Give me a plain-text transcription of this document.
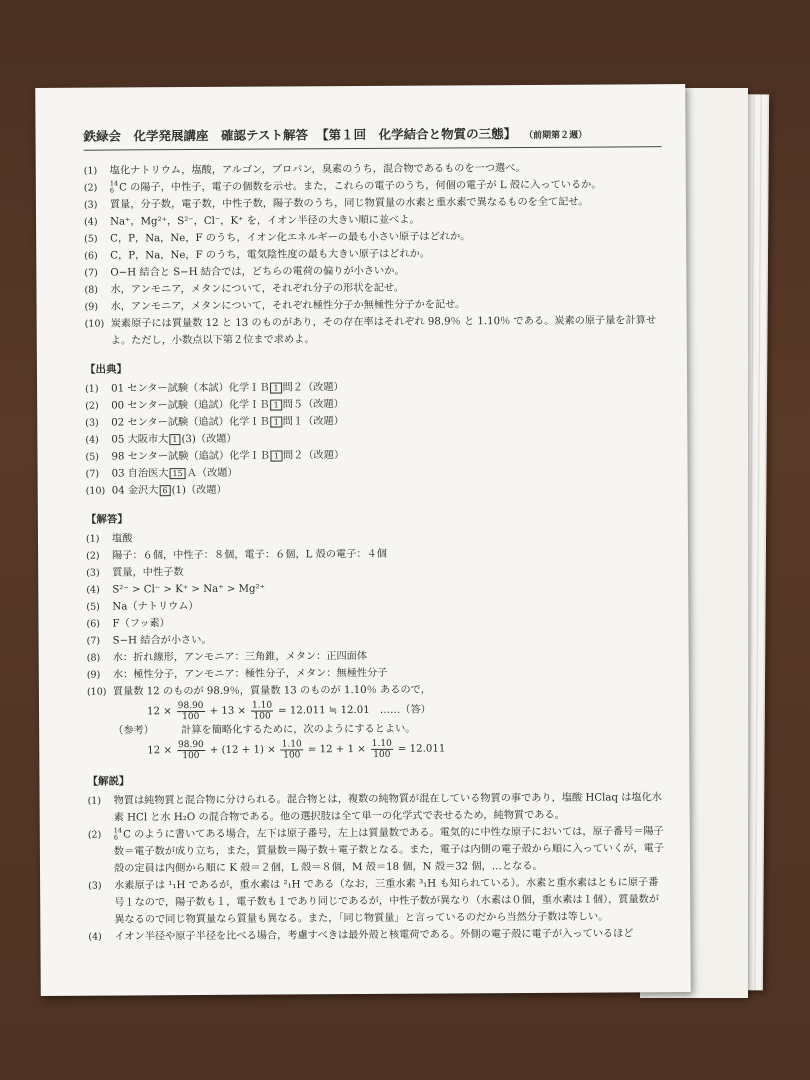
鉄緑会　化学発展講座　確認テスト解答 【第１回　化学結合と物質の三態】 （前期第２週）
(1)	塩化ナトリウム，塩酸，アルゴン，プロパン，臭素のうち，混合物であるものを一つ選べ。
(2)	14
6 C の陽子，中性子，電子の個数を示せ。また，これらの電子のうち，何個の電子が L 殻に入っているか。
(3)	質量，分子数，電子数，中性子数，陽子数のうち，同じ物質量の水素と重水素で異なるものを全て記せ。
(4)	Na⁺，Mg²⁺，S²⁻，Cl⁻，K⁺ を，イオン半径の大きい順に並べよ。
(5)	C，P，Na，Ne，F のうち，イオン化エネルギーの最も小さい原子はどれか。
(6)	C，P，Na，Ne，F のうち，電気陰性度の最も大きい原子はどれか。
(7)	O−H 結合と S−H 結合では，どちらの電荷の偏りが小さいか。
(8)	水，アンモニア，メタンについて，それぞれ分子の形状を記せ。
(9)	水，アンモニア，メタンについて，それぞれ極性分子か無極性分子かを記せ。
(10) 炭素原子には質量数 12 と 13 のものがあり，その存在率はそれぞれ 98.9％ と 1.10％ である。炭素の原子量を計算せよ。ただし，小数点以下第２位まで求めよ。
【出典】
(1)	01 センター試験（本試）化学ＩＢ 1 問２（改題）
(2)	00 センター試験（追試）化学ＩＢ 1 問５（改題）
(3)	02 センター試験（追試）化学ＩＢ 1 問１（改題）
(4)	05 大阪市大 1 (3)（改題）
(5)	98 センター試験（追試）化学ＩＢ 1 問２（改題）
(7)	03 自治医大 15 Ａ（改題）
(10) 04 金沢大 6 (1)（改題）
【解答】
(1)	塩酸
(2)	陽子：６個，中性子：８個，電子：６個，L 殻の電子：４個
(3)	質量，中性子数
(4)	S²⁻ > Cl⁻ > K⁺ > Na⁺ > Mg²⁺
(5)	Na（ナトリウム）
(6)	F（フッ素）
(7)	S−H 結合が小さい。
(8)	水：折れ線形，アンモニア：三角錐，メタン：正四面体
(9)	水：極性分子，アンモニア：極性分子，メタン：無極性分子
(10) 質量数 12 のものが 98.9％，質量数 13 のものが 1.10％ あるので，
$12 \times \frac{98.90}{100} + 13 \times \frac{1.10}{100} = 12.011$ ≒ 12.01　……（答）
（参考）	計算を簡略化するために，次のようにするとよい。
$12 \times \frac{98.90}{100} + (12 + 1) \times \frac{1.10}{100} = 12 + 1 \times \frac{1.10}{100} = 12.011$
【解説】
(1)	物質は純物質と混合物に分けられる。混合物とは，複数の純物質が混在している物質の事であり，塩酸 HClaq は塩化水素 HCl と水 H₂O の混合物である。他の選択肢は全て単一の化学式で表せるため，純物質である。
(2)	14
6 C のように書いてある場合，左下は原子番号，左上は質量数である。電気的に中性な原子においては，原子番号＝陽子数＝電子数が成り立ち，また，質量数＝陽子数＋電子数となる。また，電子は内側の電子殻から順に入っていくが，電子殻の定員は内側から順に K 殻＝２個，L 殻＝８個，M 殻＝18 個，N 殻＝32 個，…となる。
(3)	水素原子は ¹₁H であるが，重水素は ²₁H である（なお，三重水素 ³₁H も知られている）。水素と重水素はともに原子番号１なので，陽子数も１，電子数も１であり同じであるが，中性子数が異なり（水素は０個，重水素は１個），質量数が異なるので同じ物質量なら質量も異なる。また，「同じ物質量」と言っているのだから当然分子数は等しい。
(4)	イオン半径や原子半径を比べる場合，考慮すべきは最外殻と核電荷である。外側の電子殻に電子が入っているほど
